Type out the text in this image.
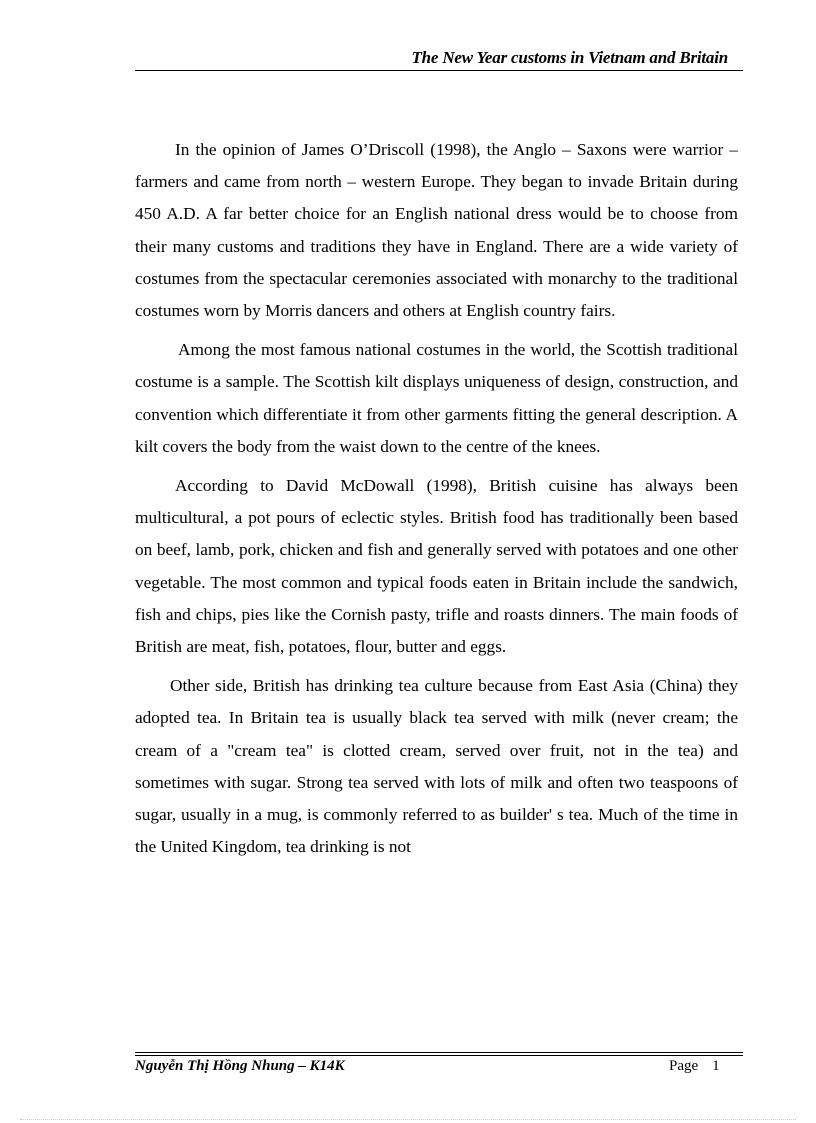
The New Year customs in Vietnam and Britain

In the opinion of James O’Driscoll (1998), the Anglo – Saxons were warrior – farmers and came from north – western Europe. They began to invade Britain during 450 A.D. A far better choice for an English national dress would be to choose from their many customs and traditions they have in England. There are a wide variety of costumes from the spectacular ceremonies associated with monarchy to the traditional costumes worn by Morris dancers and others at English country fairs.

Among the most famous national costumes in the world, the Scottish traditional costume is a sample. The Scottish kilt displays uniqueness of design, construction, and convention which differentiate it from other garments fitting the general description. A kilt covers the body from the waist down to the centre of the knees.

According to David McDowall (1998), British cuisine has always been multicultural, a pot pours of eclectic styles. British food has traditionally been based on beef, lamb, pork, chicken and fish and generally served with potatoes and one other vegetable. The most common and typical foods eaten in Britain include the sandwich, fish and chips, pies like the Cornish pasty, trifle and roasts dinners. The main foods of British are meat, fish, potatoes, flour, butter and eggs.

Other side, British has drinking tea culture because from East Asia (China) they adopted tea. In Britain tea is usually black tea served with milk (never cream; the cream of a "cream tea" is clotted cream, served over fruit, not in the tea) and sometimes with sugar. Strong tea served with lots of milk and often two teaspoons of sugar, usually in a mug, is commonly referred to as builder' s tea. Much of the time in the United Kingdom, tea drinking is not

Nguyễn Thị Hồng Nhung – K14K	Page 1
